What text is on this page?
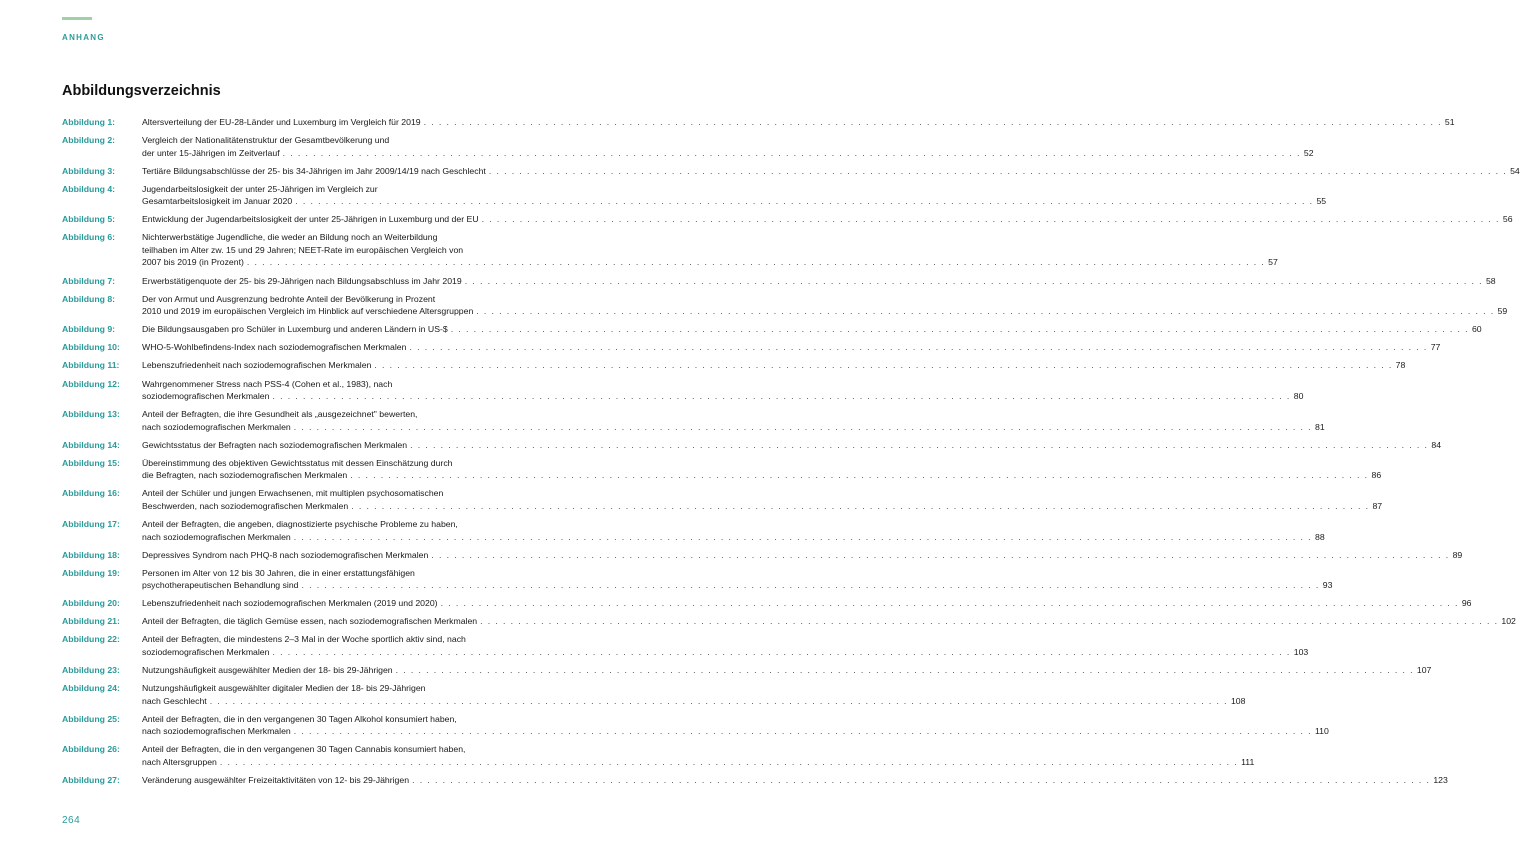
ANHANG
Abbildungsverzeichnis
Abbildung 1:	Altersverteilung der EU-28-Länder und Luxemburg im Vergleich für 2019 . . .	51
Abbildung 2:	Vergleich der Nationalitätenstruktur der Gesamtbevölkerung und
der unter 15-Jährigen im Zeitverlauf . . .	52
Abbildung 3:	Tertiäre Bildungsabschlüsse der 25- bis 34-Jährigen im Jahr 2009/14/19 nach Geschlecht . . .	54
Abbildung 4:	Jugendarbeitslosigkeit der unter 25-Jährigen im Vergleich zur
Gesamtarbeitslosigkeit im Januar 2020 . . .	55
Abbildung 5:	Entwicklung der Jugendarbeitslosigkeit der unter 25-Jährigen in Luxemburg und der EU . . .	56
Abbildung 6:	Nichterwerbstätige Jugendliche, die weder an Bildung noch an Weiterbildung
teilhaben im Alter zw. 15 und 29 Jahren; NEET-Rate im europäischen Vergleich von
2007 bis 2019 (in Prozent) . . .	57
Abbildung 7:	Erwerbstätigenquote der 25- bis 29-Jährigen nach Bildungsabschluss im Jahr 2019 . . .	58
Abbildung 8:	Der von Armut und Ausgrenzung bedrohte Anteil der Bevölkerung in Prozent
2010 und 2019 im europäischen Vergleich im Hinblick auf verschiedene Altersgruppen . . .	59
Abbildung 9:	Die Bildungsausgaben pro Schüler in Luxemburg und anderen Ländern in US-$ . . .	60
Abbildung 10:	WHO-5-Wohlbefindens-Index nach soziodemografischen Merkmalen . . .	77
Abbildung 11:	Lebenszufriedenheit nach soziodemografischen Merkmalen . . .	78
Abbildung 12:	Wahrgenommener Stress nach PSS-4 (Cohen et al., 1983), nach
soziodemografischen Merkmalen . . .	80
Abbildung 13:	Anteil der Befragten, die ihre Gesundheit als „ausgezeichnet" bewerten,
nach soziodemografischen Merkmalen . . .	81
Abbildung 14:	Gewichtsstatus der Befragten nach soziodemografischen Merkmalen . . .	84
Abbildung 15:	Übereinstimmung des objektiven Gewichtsstatus mit dessen Einschätzung durch
die Befragten, nach soziodemografischen Merkmalen . . .	86
Abbildung 16:	Anteil der Schüler und jungen Erwachsenen, mit multiplen psychosomatischen
Beschwerden, nach soziodemografischen Merkmalen . . .	87
Abbildung 17:	Anteil der Befragten, die angeben, diagnostizierte psychische Probleme zu haben,
nach soziodemografischen Merkmalen . . .	88
Abbildung 18:	Depressives Syndrom nach PHQ-8 nach soziodemografischen Merkmalen . . .	89
Abbildung 19:	Personen im Alter von 12 bis 30 Jahren, die in einer erstattungsfähigen
psychotherapeutischen Behandlung sind . . .	93
Abbildung 20:	Lebenszufriedenheit nach soziodemografischen Merkmalen (2019 und 2020) . . .	96
Abbildung 21:	Anteil der Befragten, die täglich Gemüse essen, nach soziodemografischen Merkmalen . . .	102
Abbildung 22:	Anteil der Befragten, die mindestens 2–3 Mal in der Woche sportlich aktiv sind, nach
soziodemografischen Merkmalen . . .	103
Abbildung 23:	Nutzungshäufigkeit ausgewählter Medien der 18- bis 29-Jährigen . . .	107
Abbildung 24:	Nutzungshäufigkeit ausgewählter digitaler Medien der 18- bis 29-Jährigen
nach Geschlecht . . .	108
Abbildung 25:	Anteil der Befragten, die in den vergangenen 30 Tagen Alkohol konsumiert haben,
nach soziodemografischen Merkmalen . . .	110
Abbildung 26:	Anteil der Befragten, die in den vergangenen 30 Tagen Cannabis konsumiert haben,
nach Altersgruppen . . .	111
Abbildung 27:	Veränderung ausgewählter Freizeitaktivitäten von 12- bis 29-Jährigen . . .	123
264
